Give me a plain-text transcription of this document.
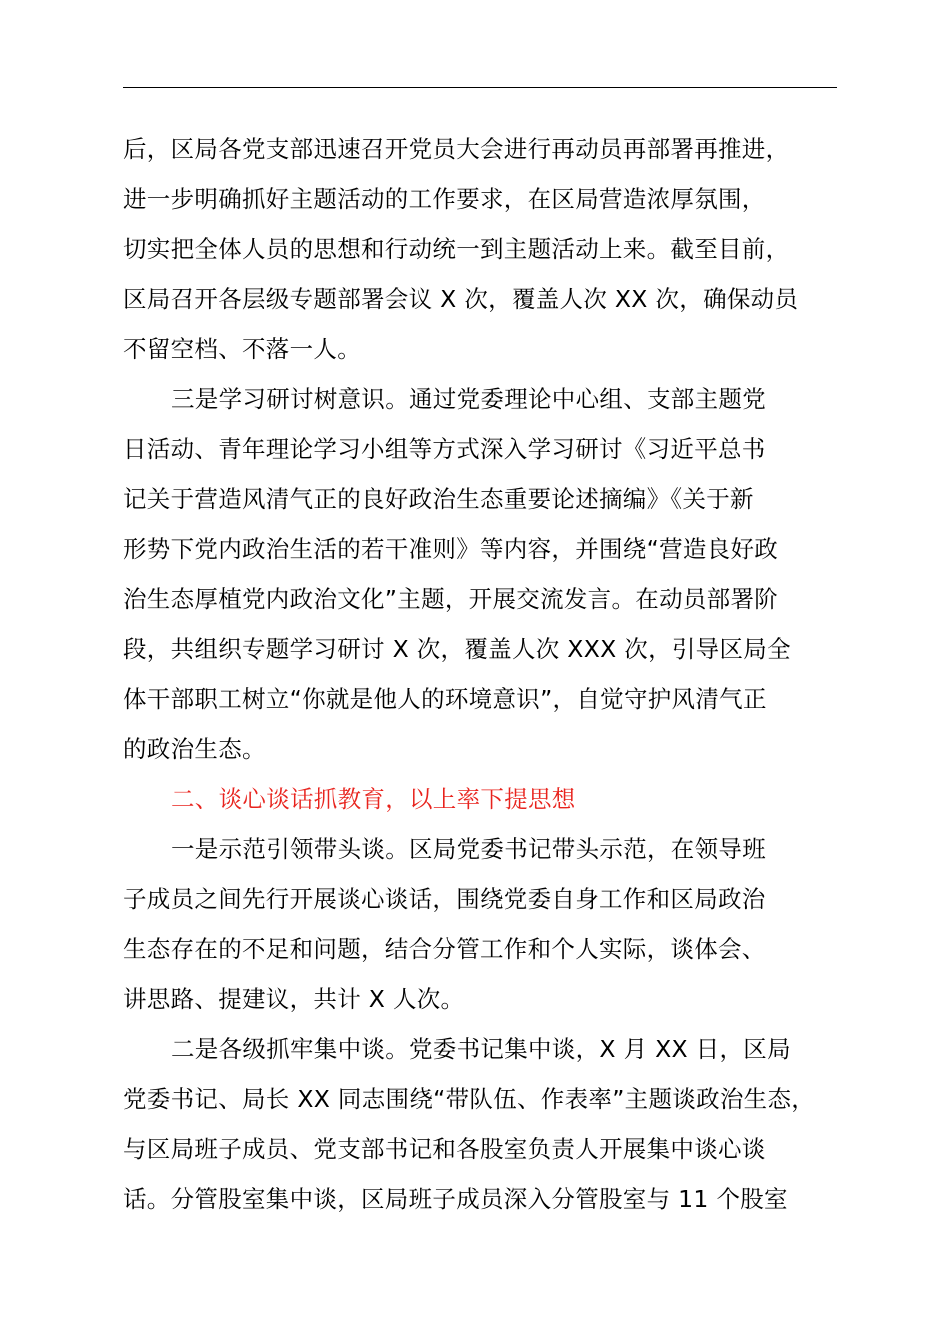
后，区局各党支部迅速召开党员大会进行再动员再部署再推进，
进一步明确抓好主题活动的工作要求，在区局营造浓厚氛围，
切实把全体人员的思想和行动统一到主题活动上来。截至目前，
区局召开各层级专题部署会议 X 次，覆盖人次 XX 次，确保动员
不留空档、不落一人。
三是学习研讨树意识。通过党委理论中心组、支部主题党
日活动、青年理论学习小组等方式深入学习研讨《习近平总书
记关于营造风清气正的良好政治生态重要论述摘编》《关于新
形势下党内政治生活的若干准则》等内容，并围绕“营造良好政
治生态厚植党内政治文化”主题，开展交流发言。在动员部署阶
段，共组织专题学习研讨 X 次，覆盖人次 XXX 次，引导区局全
体干部职工树立“你就是他人的环境意识”，自觉守护风清气正
的政治生态。
二、谈心谈话抓教育，以上率下提思想
一是示范引领带头谈。区局党委书记带头示范，在领导班
子成员之间先行开展谈心谈话，围绕党委自身工作和区局政治
生态存在的不足和问题，结合分管工作和个人实际，谈体会、
讲思路、提建议，共计 X 人次。
二是各级抓牢集中谈。党委书记集中谈，X 月 XX 日，区局
党委书记、局长 XX 同志围绕“带队伍、作表率”主题谈政治生态，
与区局班子成员、党支部书记和各股室负责人开展集中谈心谈
话。分管股室集中谈，区局班子成员深入分管股室与 11 个股室
